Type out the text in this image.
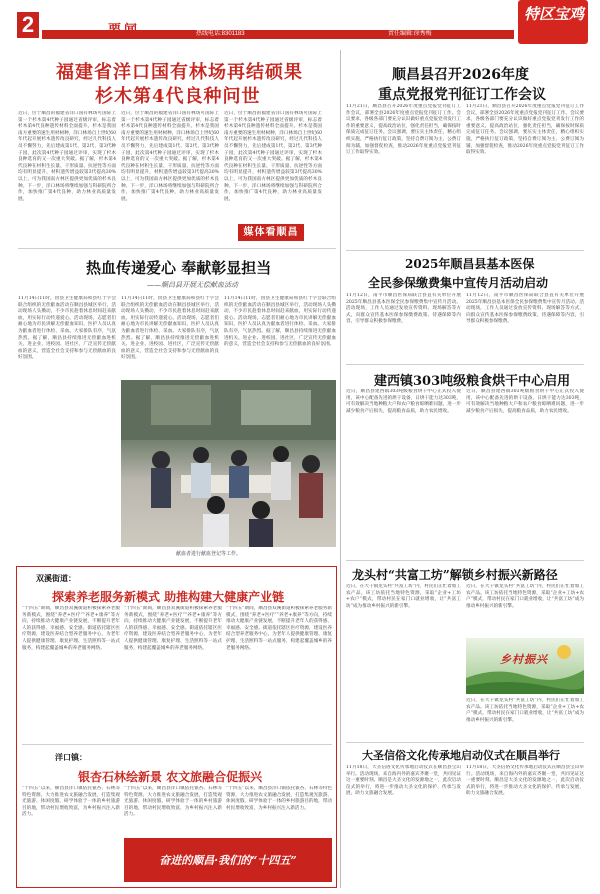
2	热线电话:8301183	责任编辑:徐秀梅
特区宝鸡
福建省洋口国有林场再结硕果
杉木第4代良种问世
近日，位于顺昌的福建省洋口国有林场可国际上第一个杉木第4代种子园通过省级评审，标志着杉木第4代良种遗传材料全面提升。杉木是我国南方重要的速生用材树种，洋口林场自上世纪60年代起开展杉木遗传改良研究，经过几代科技人员不懈努力，先后建成第1代、第2代、第3代种子园，此次第4代种子园通过评审，实现了杉木良种选育的又一次重大突破。据了解，杉木第4代良种在材积生长量、干形质量、抗逆性等方面均有明显提升，材积遗传增益较第3代提高30%以上，可为我国南方林区提供更加优质的杉木良种。下一步，洋口林场将继续加强与科研院所合作，加快推广第4代良种，助力林业高质量发展。
近日，位于顺昌的福建省洋口国有林场可国际上第一个杉木第4代种子园通过省级评审，标志着杉木第4代良种遗传材料全面提升。杉木是我国南方重要的速生用材树种，洋口林场自上世纪60年代起开展杉木遗传改良研究，经过几代科技人员不懈努力，先后建成第1代、第2代、第3代种子园，此次第4代种子园通过评审，实现了杉木良种选育的又一次重大突破。据了解，杉木第4代良种在材积生长量、干形质量、抗逆性等方面均有明显提升，材积遗传增益较第3代提高30%以上，可为我国南方林区提供更加优质的杉木良种。下一步，洋口林场将继续加强与科研院所合作，加快推广第4代良种，助力林业高质量发展。
近日，位于顺昌的福建省洋口国有林场可国际上第一个杉木第4代种子园通过省级评审，标志着杉木第4代良种遗传材料全面提升。杉木是我国南方重要的速生用材树种，洋口林场自上世纪60年代起开展杉木遗传改良研究，经过几代科技人员不懈努力，先后建成第1代、第2代、第3代种子园，此次第4代种子园通过评审，实现了杉木良种选育的又一次重大突破。据了解，杉木第4代良种在材积生长量、干形质量、抗逆性等方面均有明显提升，材积遗传增益较第3代提高30%以上，可为我国南方林区提供更加优质的杉木良种。下一步，洋口林场将继续加强与科研院所合作，加快推广第4代良种，助力林业高质量发展。
媒体看顺昌
热血传递爱心 奉献彰显担当
——顺昌县开展无偿献血活动
11月14日11时，由县卫生健康局和县红十字会联合组织的无偿献血活动在顺昌县城区举行，活动现场人头攒动，不少市民趁着休息时间赶来献血，用实际行动传递爱心。活动现场，志愿者们耐心地为市民讲解无偿献血知识，医护人员认真为献血者进行体检、采血。大家排队有序，气氛热烈。据了解，顺昌县持续推进无偿献血进机关、进企业、进校园、进社区，广泛宣传无偿献血的意义，营造全社会支持和参与无偿献血的良好氛围。
11月14日11时，由县卫生健康局和县红十字会联合组织的无偿献血活动在顺昌县城区举行，活动现场人头攒动，不少市民趁着休息时间赶来献血，用实际行动传递爱心。活动现场，志愿者们耐心地为市民讲解无偿献血知识，医护人员认真为献血者进行体检、采血。大家排队有序，气氛热烈。据了解，顺昌县持续推进无偿献血进机关、进企业、进校园、进社区，广泛宣传无偿献血的意义，营造全社会支持和参与无偿献血的良好氛围。
11月14日11时，由县卫生健康局和县红十字会联合组织的无偿献血活动在顺昌县城区举行，活动现场人头攒动，不少市民趁着休息时间赶来献血，用实际行动传递爱心。活动现场，志愿者们耐心地为市民讲解无偿献血知识，医护人员认真为献血者进行体检、采血。大家排队有序，气氛热烈。据了解，顺昌县持续推进无偿献血进机关、进企业、进校园、进社区，广泛宣传无偿献血的意义，营造全社会支持和参与无偿献血的良好氛围。
献血者进行献血登记等工作。
顺昌县召开2026年度
重点党报党刊征订工作会议
11月21日，顺昌县召开2026年度重点党报党刊征订工作会议，部署全县2026年度重点党报党刊征订工作。会议要求，各级各部门要充分认识做好重点党报党刊发行工作的重要意义，提高政治站位，强化责任担当，确保按时保质完成征订任务。会议强调，要压实主体责任，精心组织实施，严格执行征订政策，坚持自费订阅为主、公费订阅为辅，加强督促检查，推动2026年度重点党报党刊征订工作取得实效。
11月21日，顺昌县召开2026年度重点党报党刊征订工作会议，部署全县2026年度重点党报党刊征订工作。会议要求，各级各部门要充分认识做好重点党报党刊发行工作的重要意义，提高政治站位，强化责任担当，确保按时保质完成征订任务。会议强调，要压实主体责任，精心组织实施，严格执行征订政策，坚持自费订阅为主、公费订阅为辅，加强督促检查，推动2026年度重点党报党刊征订工作取得实效。
2025年顺昌县基本医保
全民参保缴费集中宣传月活动启动
11月12日，南平市顺昌医保局联合县直有关单位开展2025年顺昌县基本医保全民参保缴费集中宣传月活动。活动现场，工作人员通过发放宣传资料、现场解答等方式，向群众宣传基本医保参保缴费政策、待遇保障等内容，引导群众积极参保缴费。
11月12日，南平市顺昌医保局联合县直有关单位开展2025年顺昌县基本医保全民参保缴费集中宣传月活动。活动现场，工作人员通过发放宣传资料、现场解答等方式，向群众宣传基本医保参保缴费政策、待遇保障等内容，引导群众积极参保缴费。
建西镇303吨级粮食烘干中心启用
近日，顺昌县建西镇303吨级粮食烘干中心正式投入使用，该中心配备先进的烘干设备，日烘干能力达303吨，可有效解决当地种粮大户和农户粮食晾晒难问题，进一步减少粮食产后损失，提高粮食品质，助力农民增收。
近日，顺昌县建西镇303吨级粮食烘干中心正式投入使用，该中心配备先进的烘干设备，日烘干能力达303吨，可有效解决当地种粮大户和农户粮食晾晒难问题，进一步减少粮食产后损失，提高粮食品质，助力农民增收。
龙头村“共富工坊”解锁乡村振兴新路径
近日，在大干镇龙头村“共富工坊”内，村民们正忙着加工农产品。该工坊依托当地特色资源，采取“企业+工坊+农户”模式，带动村民在家门口就业增收，让“共富工坊”成为推动乡村振兴的新引擎。
近日，在大干镇龙头村“共富工坊”内，村民们正忙着加工农产品。该工坊依托当地特色资源，采取“企业+工坊+农户”模式，带动村民在家门口就业增收，让“共富工坊”成为推动乡村振兴的新引擎。
乡村振兴
近日，在大干镇龙头村“共富工坊”内，村民们正忙着加工农产品。该工坊依托当地特色资源，采取“企业+工坊+农户”模式，带动村民在家门口就业增收，让“共富工坊”成为推动乡村振兴的新引擎。
大圣信俗文化传承地启动仪式在顺昌举行
11月18日，大圣信俗文化传承地启动仪式在顺昌县宝山举行。活动现场，来自海内外的嘉宾齐聚一堂，共同见证这一重要时刻。顺昌是大圣文化的发源地之一，此次启动仪式的举行，将进一步推动大圣文化的保护、传承与发展，助力文旅融合发展。
11月18日，大圣信俗文化传承地启动仪式在顺昌县宝山举行。活动现场，来自海内外的嘉宾齐聚一堂，共同见证这一重要时刻。顺昌是大圣文化的发源地之一，此次启动仪式的举行，将进一步推动大圣文化的保护、传承与发展，助力文旅融合发展。
双溪街道：
探索养老服务新模式 助推构建大健康产业链
“十四五”期间，顺昌县双溪街道积极探索养老服务新模式，围绕“养老+医疗”“养老+康养”等方向，持续推动大健康产业链发展，不断提升老年人的获得感、幸福感、安全感。街道依托辖区医疗资源，建设医养结合型养老服务中心，为老年人提供健康管理、康复护理、生活照料等一站式服务，构建起覆盖城乡的养老服务网络。
“十四五”期间，顺昌县双溪街道积极探索养老服务新模式，围绕“养老+医疗”“养老+康养”等方向，持续推动大健康产业链发展，不断提升老年人的获得感、幸福感、安全感。街道依托辖区医疗资源，建设医养结合型养老服务中心，为老年人提供健康管理、康复护理、生活照料等一站式服务，构建起覆盖城乡的养老服务网络。
“十四五”期间，顺昌县双溪街道积极探索养老服务新模式，围绕“养老+医疗”“养老+康养”等方向，持续推动大健康产业链发展，不断提升老年人的获得感、幸福感、安全感。街道依托辖区医疗资源，建设医养结合型养老服务中心，为老年人提供健康管理、康复护理、生活照料等一站式服务，构建起覆盖城乡的养老服务网络。
洋口镇：
银杏石林绘新景 农文旅融合促振兴
“十四五”以来，顺昌县洋口镇依托银杏、石林等特色资源，大力推进农文旅融合发展，打造集观光旅游、休闲度假、研学体验于一体的乡村旅游目的地，带动村民增收致富，为乡村振兴注入新活力。
“十四五”以来，顺昌县洋口镇依托银杏、石林等特色资源，大力推进农文旅融合发展，打造集观光旅游、休闲度假、研学体验于一体的乡村旅游目的地，带动村民增收致富，为乡村振兴注入新活力。
“十四五”以来，顺昌县洋口镇依托银杏、石林等特色资源，大力推进农文旅融合发展，打造集观光旅游、休闲度假、研学体验于一体的乡村旅游目的地，带动村民增收致富，为乡村振兴注入新活力。
奋进的顺昌·我们的“十四五”
